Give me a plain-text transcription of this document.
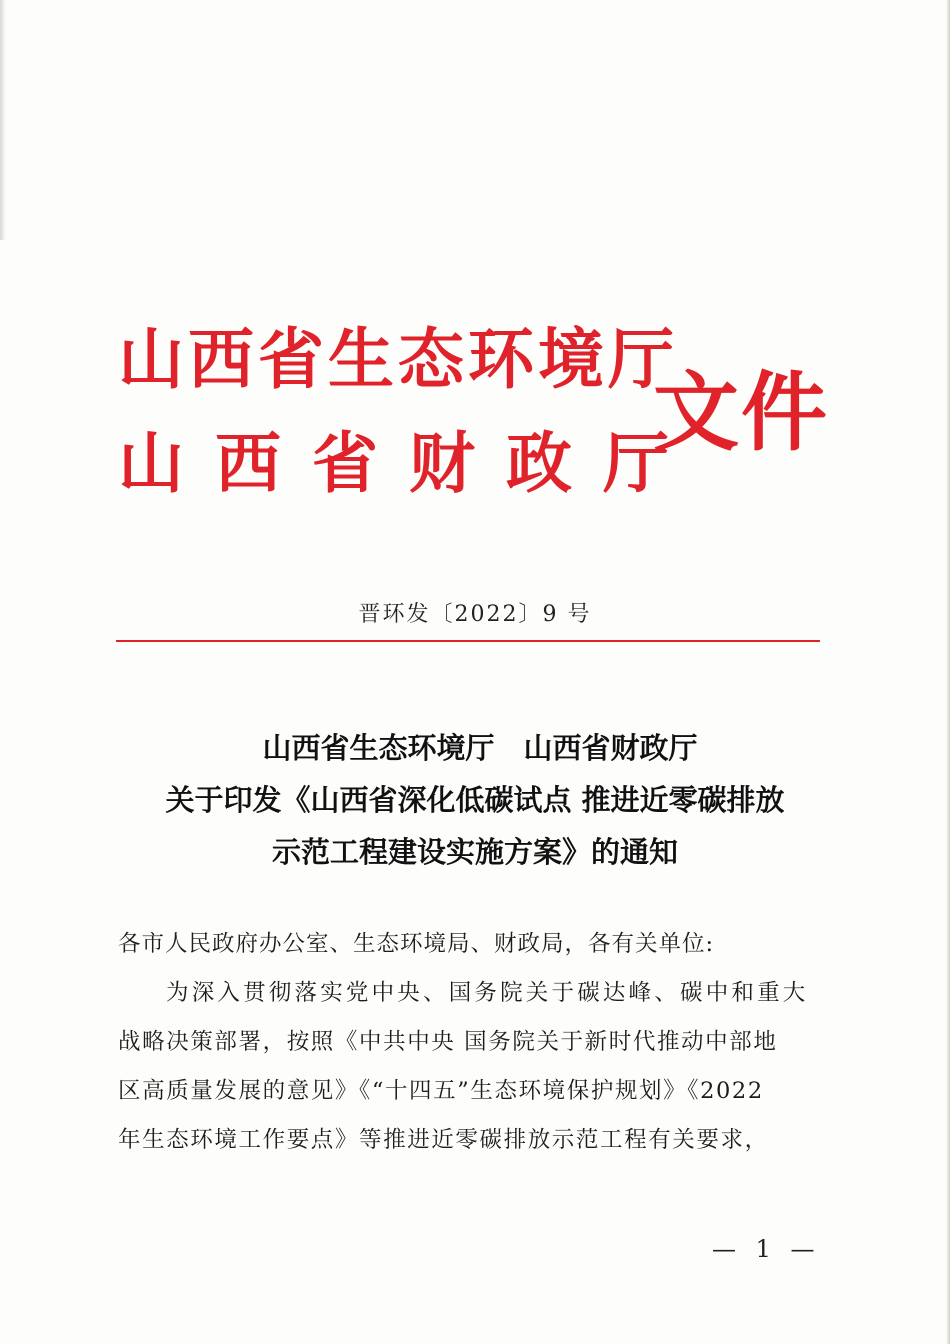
山西省生态环境厅
山西省财政厅
文件
晋环发〔2022〕9 号
山西省生态环境厅　山西省财政厅
关于印发《山西省深化低碳试点 推进近零碳排放
示范工程建设实施方案》的通知

各市人民政府办公室、生态环境局、财政局，各有关单位:

为深入贯彻落实党中央、国务院关于碳达峰、碳中和重大

战略决策部署，按照《中共中央 国务院关于新时代推动中部地

区高质量发展的意见》《“十四五”生态环境保护规划》《2022

年生态环境工作要点》等推进近零碳排放示范工程有关要求，

— 1 —
